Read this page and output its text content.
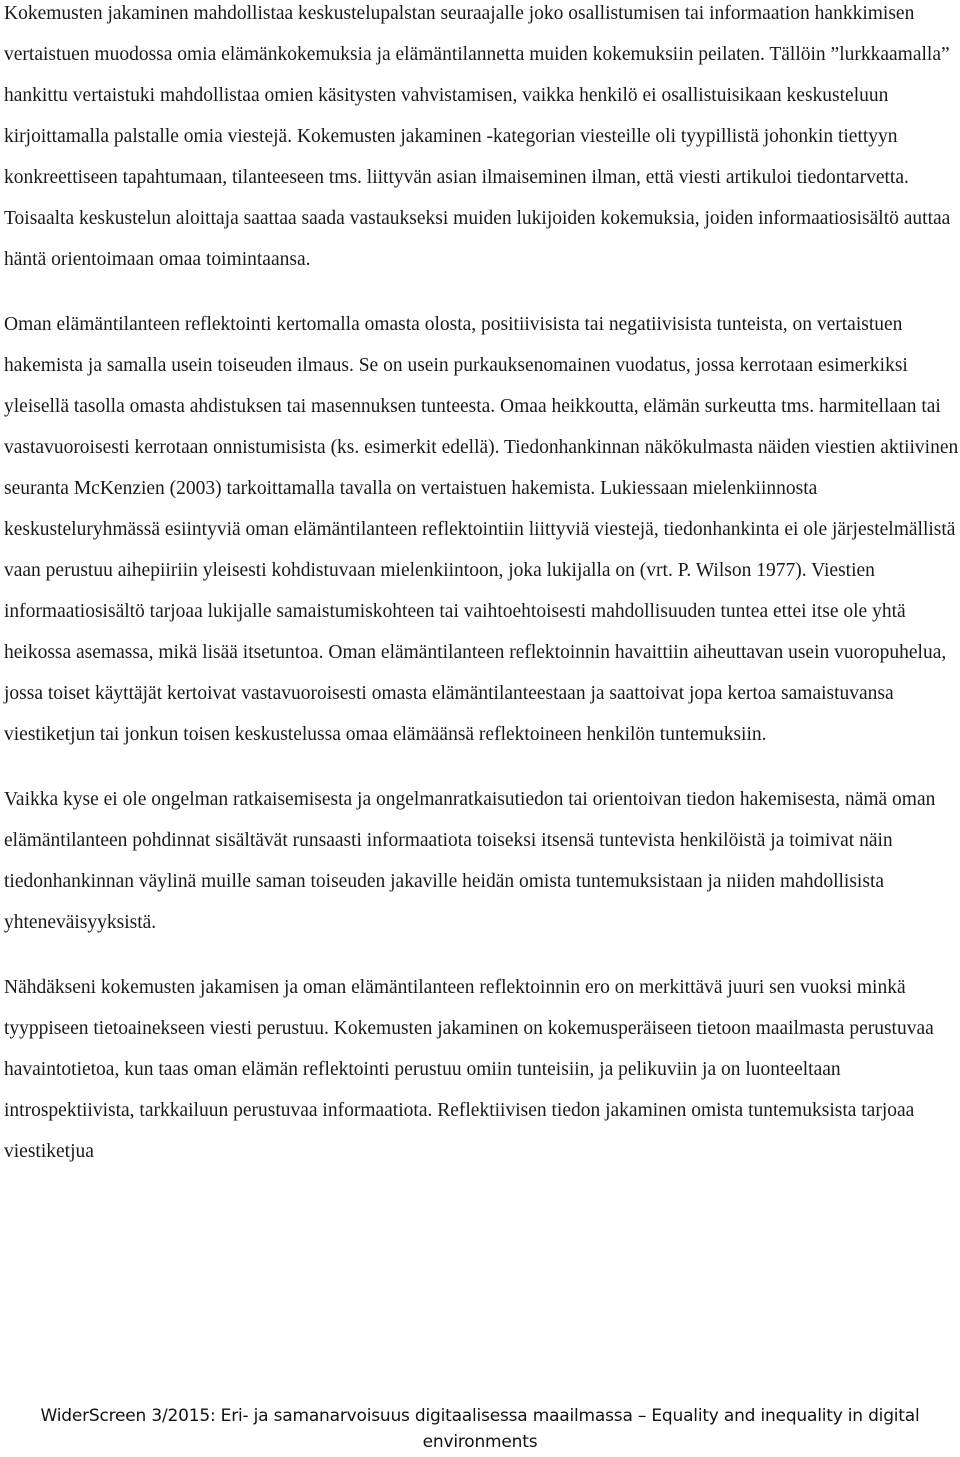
Kokemusten jakaminen mahdollistaa keskustelupalstan seuraajalle joko osallistumisen tai informaation hankkimisen vertaistuen muodossa omia elämänkokemuksia ja elämäntilannetta muiden kokemuksiin peilaten. Tällöin ”lurkkaamalla” hankittu vertaistuki mahdollistaa omien käsitysten vahvistamisen, vaikka henkilö ei osallistuisikaan keskusteluun kirjoittamalla palstalle omia viestejä. Kokemusten jakaminen -kategorian viesteille oli tyypillistä johonkin tiettyyn konkreettiseen tapahtumaan, tilanteeseen tms. liittyvän asian ilmaiseminen ilman, että viesti artikuloi tiedontarvetta. Toisaalta keskustelun aloittaja saattaa saada vastaukseksi muiden lukijoiden kokemuksia, joiden informaatiosisältö auttaa häntä orientoimaan omaa toimintaansa.

Oman elämäntilanteen reflektointi kertomalla omasta olosta, positiivisista tai negatiivisista tunteista, on vertaistuen hakemista ja samalla usein toiseuden ilmaus. Se on usein purkauksenomainen vuodatus, jossa kerrotaan esimerkiksi yleisellä tasolla omasta ahdistuksen tai masennuksen tunteesta. Omaa heikkoutta, elämän surkeutta tms. harmitellaan tai vastavuoroisesti kerrotaan onnistumisista (ks. esimerkit edellä). Tiedonhankinnan näkökulmasta näiden viestien aktiivinen seuranta McKenzien (2003) tarkoittamalla tavalla on vertaistuen hakemista. Lukiessaan mielenkiinnosta keskusteluryhmässä esiintyviä oman elämäntilanteen reflektointiin liittyviä viestejä, tiedonhankinta ei ole järjestelmällistä vaan perustuu aihepiiriin yleisesti kohdistuvaan mielenkiintoon, joka lukijalla on (vrt. P. Wilson 1977). Viestien informaatiosisältö tarjoaa lukijalle samaistumiskohteen tai vaihtoehtoisesti mahdollisuuden tuntea ettei itse ole yhtä heikossa asemassa, mikä lisää itsetuntoa. Oman elämäntilanteen reflektoinnin havaittiin aiheuttavan usein vuoropuhelua, jossa toiset käyttäjät kertoivat vastavuoroisesti omasta elämäntilanteestaan ja saattoivat jopa kertoa samaistuvansa viestiketjun tai jonkun toisen keskustelussa omaa elämäänsä reflektoineen henkilön tuntemuksiin.

Vaikka kyse ei ole ongelman ratkaisemisesta ja ongelmanratkaisutiedon tai orientoivan tiedon hakemisesta, nämä oman elämäntilanteen pohdinnat sisältävät runsaasti informaatiota toiseksi itsensä tuntevista henkilöistä ja toimivat näin tiedonhankinnan väylinä muille saman toiseuden jakaville heidän omista tuntemuksistaan ja niiden mahdollisista yhteneväisyyksistä.

Nähdäkseni kokemusten jakamisen ja oman elämäntilanteen reflektoinnin ero on merkittävä juuri sen vuoksi minkä tyyppiseen tietoainekseen viesti perustuu. Kokemusten jakaminen on kokemusperäiseen tietoon maailmasta perustuvaa havaintotietoa, kun taas oman elämän reflektointi perustuu omiin tunteisiin, ja pelikuviin ja on luonteeltaan introspektiivista, tarkkailuun perustuvaa informaatiota. Reflektiivisen tiedon jakaminen omista tuntemuksista tarjoaa viestiketjua

WiderScreen 3/2015: Eri- ja samanarvoisuus digitaalisessa maailmassa – Equality and inequality in digital environments
